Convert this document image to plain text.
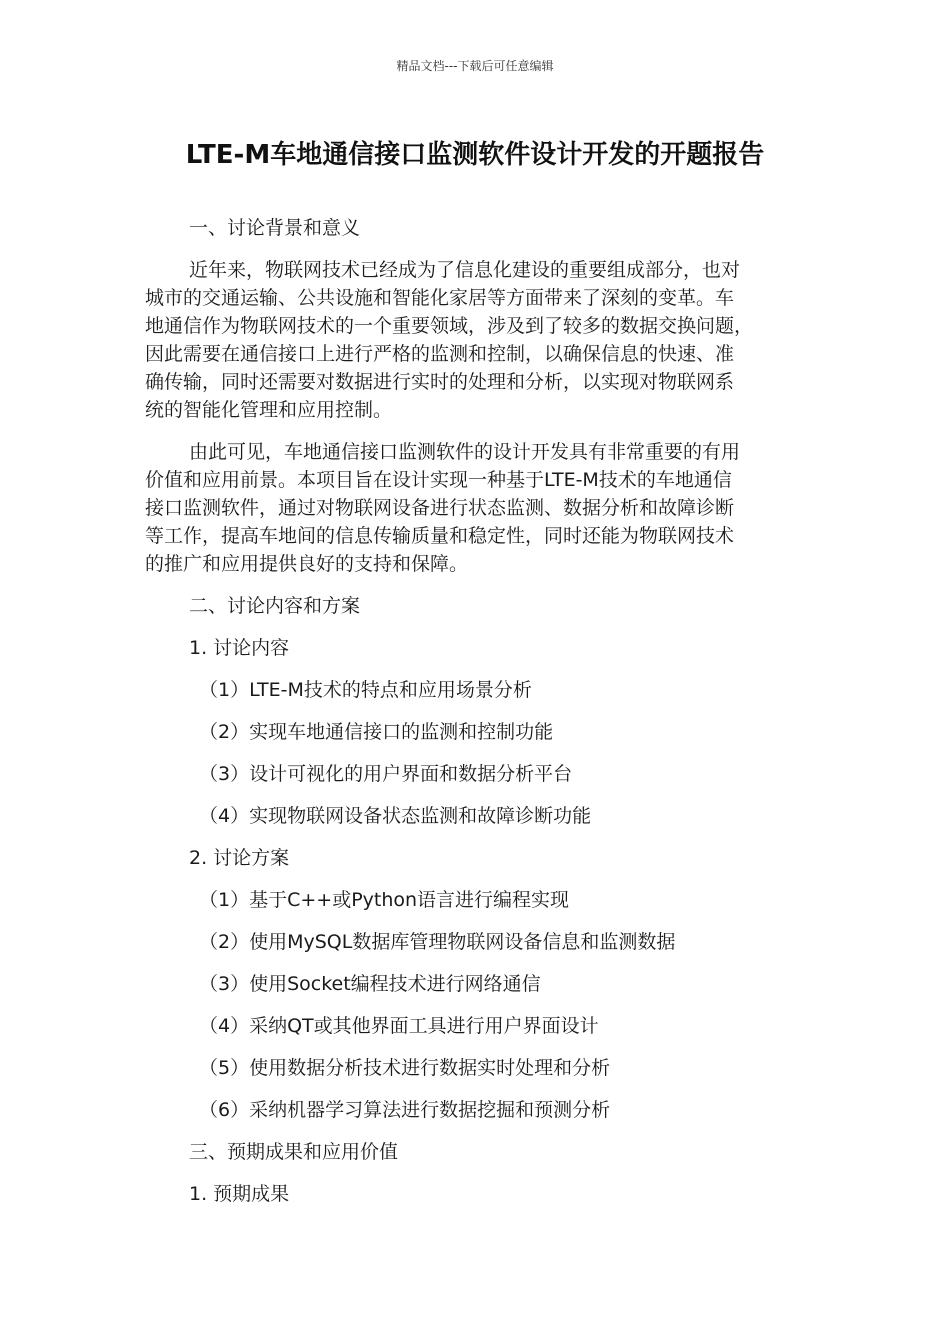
精品文档---下载后可任意编辑
LTE-M车地通信接口监测软件设计开发的开题报告
一、讨论背景和意义
近年来，物联网技术已经成为了信息化建设的重要组成部分，也对
城市的交通运输、公共设施和智能化家居等方面带来了深刻的变革。车
地通信作为物联网技术的一个重要领域，涉及到了较多的数据交换问题，
因此需要在通信接口上进行严格的监测和控制，以确保信息的快速、准
确传输，同时还需要对数据进行实时的处理和分析，以实现对物联网系
统的智能化管理和应用控制。
由此可见，车地通信接口监测软件的设计开发具有非常重要的有用
价值和应用前景。本项目旨在设计实现一种基于LTE-M技术的车地通信
接口监测软件，通过对物联网设备进行状态监测、数据分析和故障诊断
等工作，提高车地间的信息传输质量和稳定性，同时还能为物联网技术
的推广和应用提供良好的支持和保障。
二、讨论内容和方案
1. 讨论内容
（1）LTE-M技术的特点和应用场景分析
（2）实现车地通信接口的监测和控制功能
（3）设计可视化的用户界面和数据分析平台
（4）实现物联网设备状态监测和故障诊断功能
2. 讨论方案
（1）基于C++或Python语言进行编程实现
（2）使用MySQL数据库管理物联网设备信息和监测数据
（3）使用Socket编程技术进行网络通信
（4）采纳QT或其他界面工具进行用户界面设计
（5）使用数据分析技术进行数据实时处理和分析
（6）采纳机器学习算法进行数据挖掘和预测分析
三、预期成果和应用价值
1. 预期成果
